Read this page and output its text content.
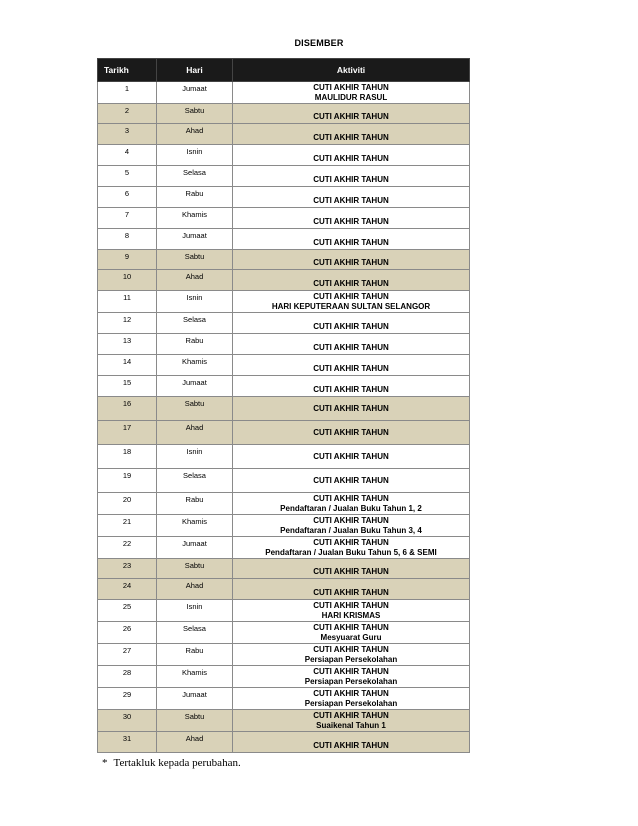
DISEMBER
Tarikh	Hari	Aktiviti
1	Jumaat	CUTI AKHIR TAHUN
MAULIDUR RASUL

2	Sabtu	CUTI AKHIR TAHUN

3	Ahad	CUTI AKHIR TAHUN

4	Isnin	CUTI AKHIR TAHUN

5	Selasa	CUTI AKHIR TAHUN

6	Rabu	CUTI AKHIR TAHUN

7	Khamis	CUTI AKHIR TAHUN

8	Jumaat	CUTI AKHIR TAHUN

9	Sabtu	CUTI AKHIR TAHUN

10	Ahad	CUTI AKHIR TAHUN

11	Isnin	CUTI AKHIR TAHUN
HARI KEPUTERAAN SULTAN SELANGOR

12	Selasa	CUTI AKHIR TAHUN

13	Rabu	CUTI AKHIR TAHUN

14	Khamis	CUTI AKHIR TAHUN

15	Jumaat	CUTI AKHIR TAHUN

16	Sabtu	CUTI AKHIR TAHUN

17	Ahad	CUTI AKHIR TAHUN

18	Isnin	CUTI AKHIR TAHUN

19	Selasa	CUTI AKHIR TAHUN

20	Rabu	CUTI AKHIR TAHUN
Pendaftaran / Jualan Buku Tahun 1, 2

21	Khamis	CUTI AKHIR TAHUN
Pendaftaran / Jualan Buku Tahun 3, 4

22	Jumaat	CUTI AKHIR TAHUN
Pendaftaran / Jualan Buku Tahun 5, 6 & SEMI

23	Sabtu	CUTI AKHIR TAHUN

24	Ahad	CUTI AKHIR TAHUN

25	Isnin	CUTI AKHIR TAHUN
HARI KRISMAS

26	Selasa	CUTI AKHIR TAHUN
Mesyuarat Guru

27	Rabu	CUTI AKHIR TAHUN
Persiapan Persekolahan

28	Khamis	CUTI AKHIR TAHUN
Persiapan Persekolahan

29	Jumaat	CUTI AKHIR TAHUN
Persiapan Persekolahan

30	Sabtu	CUTI AKHIR TAHUN
Suaikenal Tahun 1

31	Ahad	CUTI AKHIR TAHUN
* Tertakluk kepada perubahan.
